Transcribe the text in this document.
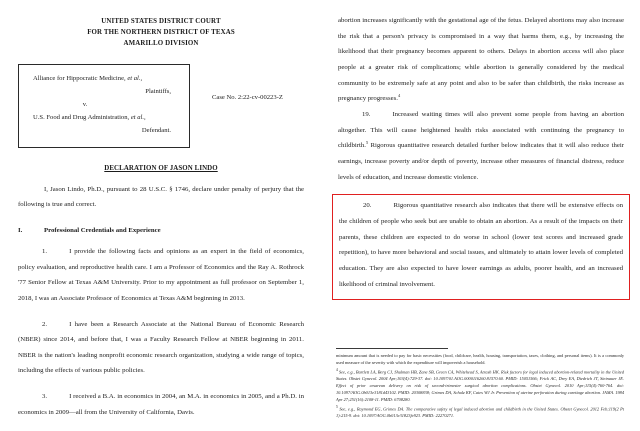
UNITED STATES DISTRICT COURT
FOR THE NORTHERN DISTRICT OF TEXAS
AMARILLO DIVISION
Alliance for Hippocratic Medicine, et al.,
Plaintiffs,
v.
U.S. Food and Drug Administration, et al.,
Defendant.
Case No. 2:22-cv-00223-Z
DECLARATION OF JASON LINDO

I, Jason Lindo, Ph.D., pursuant to 28 U.S.C. § 1746, declare under penalty of perjury that the following is true and correct.

I.	Professional Credentials and Experience

1.	I provide the following facts and opinions as an expert in the field of economics, policy evaluation, and reproductive health care. I am a Professor of Economics and the Ray A. Rothrock '77 Senior Fellow at Texas A&M University. Prior to my appointment as full professor on September 1, 2018, I was an Associate Professor of Economics at Texas A&M beginning in 2013.

2.	I have been a Research Associate at the National Bureau of Economic Research (NBER) since 2014, and before that, I was a Faculty Research Fellow at NBER beginning in 2011. NBER is the nation's leading nonprofit economic research organization, studying a wide range of topics, including the effects of various public policies.

3.	I received a B.A. in economics in 2004, an M.A. in economics in 2005, and a Ph.D. in economics in 2009—all from the University of California, Davis.

abortion increases significantly with the gestational age of the fetus. Delayed abortions may also increase the risk that a person's privacy is compromised in a way that harms them, e.g., by increasing the likelihood that their pregnancy becomes apparent to others. Delays in abortion access will also place people at a greater risk of complications; while abortion is generally considered by the medical community to be extremely safe at any point and also to be safer than childbirth, the risks increase as pregnancy progresses.$^4$

19.	Increased waiting times will also prevent some people from having an abortion altogether. This will cause heightened health risks associated with continuing the pregnancy to childbirth.$^5$ Rigorous quantitative research detailed further below indicates that it will also reduce their earnings, increase poverty and/or depth of poverty, increase other measures of financial distress, reduce levels of education, and increase domestic violence.

20.	Rigorous quantitative research also indicates that there will be extensive effects on the children of people who seek but are unable to obtain an abortion. As a result of the impacts on their parents, these children are expected to do worse in school (lower test scores and increased grade repetition), to have more behavioral and social issues, and ultimately to attain lower levels of completed education. They are also expected to have lower earnings as adults, poorer health, and an increased likelihood of criminal involvement.

minimum amount that is needed to pay for basic necessities (food, childcare, health, housing, transportation, taxes, clothing, and personal items). It is a commonly used measure of the severity with which the expenditure will impoverish a household.

$^4$ See, e.g., Bartlett LA, Berg CJ, Shulman HB, Zane SB, Green CA, Whitehead S, Atrash HK. Risk factors for legal induced abortion-related mortality in the United States. Obstet Gynecol. 2004 Apr;103(4):729-37. doi: 10.1097/01.AOG.0000116260.81570.60. PMID: 15051566; Frick AC, Drey EA, Diedrich JT, Steinauer JE. Effect of prior cesarean delivery on risk of second-trimester surgical abortion complications. Obstet Gynecol. 2010 Apr;115(4):760-764. doi: 10.1097/AOG.0b013e3181d43102. PMID: 20308838; Grimes DA, Schulz KF, Cates WJ Jr. Prevention of uterine perforation during curettage abortion. JAMA. 1984 Apr 27;251(16):2108-11. PMID: 6708280.

$^5$ See, e.g., Raymond EG, Grimes DA. The comparative safety of legal induced abortion and childbirth in the United States. Obstet Gynecol. 2012 Feb;119(2 Pt 1):215-9. doi: 10.1097/AOG.0b013e31823fe923. PMID: 22270271.
